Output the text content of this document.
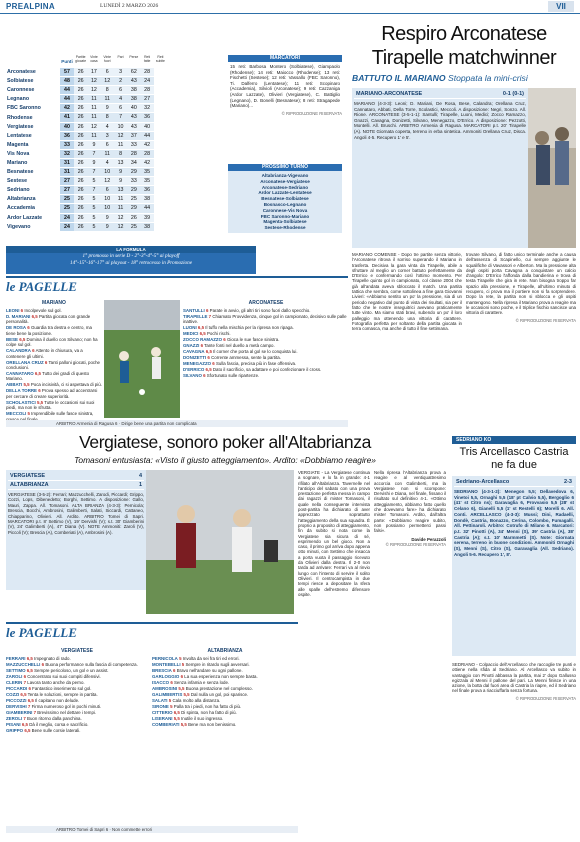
PREALPINA	LUNEDÌ 2 MARZO 2026	VII
Punti
Partite giocate
Vinte casa
Vinte fuori
Pari	Perse	Reti fatte
Reti subite
Arconatese	57	26	17	6	3	62	28
Solbiatese	48	26	12	12	2	43	24
Caronnese	44	26	12	8	6	38	28
Legnano	44	26	11	11	4	38	27
FBC Saronno	42	26	11	9	6	40	32
Rhodense	41	26	11	8	7	43	36
Vergiatese	40	26	12	4	10	43	40
Lentatese	36	26	11	3	12	37	44
Magenta	33	26	9	6	11	33	42
Vis Nova	32	26	7	11	8	28	28
Mariano	31	26	9	4	13	34	42
Besnatese	31	26	7	10	9	29	35
Sestese	27	26	5	12	9	33	35
Sedriano	27	26	7	6	13	29	36
Altabrianza	25	26	5	10	11	25	38
Accademia	25	26	5	10	11	29	44
Ardor Lazzate	24	26	5	9	12	26	39
Vigevano	24	26	5	9	12	25	38
LA FORMULA
1° promosso in serie D - 2°-3°-4°-5° ai playoff
14°-15°-16°-17° ai playout - 18° retrocesso in Promozione
MARCATORI
15 reti: Barbosa Montero (Solbiatese), Giampaolo (Rhodense); 14 reti: Maiocco (Rhodense); 13 reti: Fischetti (Sestese); 12 reti: Vassallo (FBC Saronno), Ti. Dalferro (Lentatese); 11 reti: Scopinaro (Accademia), Silvioli (Arconatese); 9 reti: Cazzaniga (Ardor Lazzate), Olivieri (Vergiatese), C. Battiglio (Legnano), D. Bonelli (Besnatese); 8 reti: Stragapede (Mariano)...
© RIPRODUZIONE RISERVATA
PROSSIMO TURNO
Altabrianza-Vigevano
Arconatese-Vergiatese
Arconatese-Sedriano
Ardor Lazzate-Lentatese
Besnatese-Solbiatese
Bosnasco-Legnano
Caronnese-Vis Nova
FBC Saronno-Mariano
Magenta-Solbiatese
Sestese-Rhodense
Respiro Arconatese Tirapelle matchwinner
BATTUTO IL MARIANO Stoppata la mini-crisi
MARIANO-ARCONATESE	0-1 (0-1)
MARIANO (4-3-3): Leoni; D. Mariani, De Rosa, Bese, Calandra; Orellana Cruz, Cannataro, Abbati, Della Torre, Scolastici, Meccoli. A disposizione: Negri, Sonzo. All. Rione. ARCONATESE (3-5-1-1): Santulli; Tirapelle, Luoni, Medici; Zocco Ramazzo, Gnazzi, Cavagna, Donizetti, Silvano, Menegazzo, D'Errico. A disposizione: Pezzotti, Montelli. All. Bruschi. ARBITRO Armenia di Ragusa. MARCATORI p.t. 20' Tirapelle (A). NOTE Giornata coperta, terreno in erba sintetica. Ammoniti Orellana Cruz, Disca. Angoli 4-5. Recupero 1' e 5'.
MARIANO COMENSE - Dopo tre partite senza vittorie, l'Arconatese ritrova il sorriso superando il Mariano in trasferta. Decisiva la gara vinta da Tirapelle, abile a sfruttare al meglio un corner battuto perfettamente da D'Errico e confermando così l'ottimo momento. Per Tirapelle quinto gol in campionato, col classe 2004 che già all'andata aveva sbloccato il match. Una partita tattica che sembra, come sottolinea a fine gara Giovanni Livieri: «Abbiamo sentito un po' la pressione, sia di un periodo negativo dal punto di vista dei risultati, sia per il fatto che le nostre inseguitrici avevano praticamente tutte vinto. Ma siamo stati bravi, subendo un po' il loro palleggio ma ottenendo una vittoria di carattere. Fotografia perfetta per soltanto della partita giocata in terra comasca, ma anche di tutto il fine settimana.
trovare Silvano, di fatto unico terminale anche a causa dell'assenza di Scapinello, cui sempre aggiunte le squalifiche di Vavassori e Alberton. Ma la pressione alta degli ospiti porta Cavagna a conquistare un calcio d'angolo: D'Errico l'affonda dalla bandierina e trova di testa Tirapelle che gira in rete. Non bisogna troppo far spazio alla pressione, e Tirapelle, all'ultimo minuto di recupero, ci prova ma il portiere non si fa sorprendere. Dopo la rete, la partita non si sblocca e gli ospiti mantengono. Nella ripresa il Mariano prova a reagire ma le occasioni sono poche, e il triplice fischio sancisce una vittoria di carattere.
© RIPRODUZIONE RISERVATA
le PAGELLE
MARIANO
LEONI 6 Incolpevole sul gol.
D. MARIANI 6,5 Partita giocata con grande personalità.
DE ROSA 6 Guardia tra destra e centro, ma tiene bene la posizione.
BESE 6,5 Domina il duello con Silvano; non ha colpe sul gol.
CALANDRA 6 Attento in chiusura, va a contenere gli ultimi.
ORELLANA CRUZ 6 Tanti palloni giocati, poche conclusioni.
CANNATARO 6,5 Tutto dei gradi di questo Mariano.
ABBATI 5,5 Poca incisività, ci si aspettava di più.
DELLA TORRE 6 Prova spesso ad accentrarsi per cercare di creare superiorità.
SCHOLASTICI 5,5 Tutte le occasioni sui suoi piedi, ma non le sfrutta.
MECCOLI 5 Imprendibile sulle fasce sinistra,
ARCONATESE
SANTULLI 6 Parate in avvio, gli altri tiri sono fuori dallo specchio.
TIRAPELLE 7 Chiamato Provvidenza, cinque gol in campionato, decisivo sulle palle inattive.
LUONI 6,5 Il tuffo nella mischia per la ripresa non ripaga.
MEDICI 6,5 Pochi rischi.
ZOCCO RAMAZZO 6 Gioca le sue fasce sinistra.
GNAZZI 6 Tante fonti nel duello a metà campo.
CAVAGNA 6,5 Il corner che porta al gol se lo conquista lui.
DONIZETTI 6 Corrente ammessa, sente la partita.
MENEGAZZO 6 Sulla fascia, precisa più in fase offensiva.
D'ERRICO 6,5 Dato il sacrificio, sa adattare e poi confezionare il cross.
SILVANO 6 Sfortunato sulle ripartenze.
ARBITRO Armenia di Ragusa 6 · Dirige bene una partita non complicata
Vergiatese, sonoro poker all'Altabrianza
Tomasoni entusiasta: «Visto il giusto atteggiamento». Ardito: «Dobbiamo reagire»
VERGIATESE	4
ALTABRIANZA	1
VERGIATESE (3-5-2): Ferrari; Mazzucchelli, Zarodi, Piccardi; Grippo, Cozzi, Lops, Dibenedetto; Borghi, Settimo. A disposizione: Gallo, Mauri, Zappa. All. Tomasoni. ALTA BRIANZA (4-3-3): Pernicola; Brescia, Bocchi, Ambrosini, Galimberti, Salati, Siccardi, Cattaneo, Chiapparino, Olivieri. All. Ardito. ARBITRO Tomei di Sapri. MARCATORI p.t. 8' Settimo (V), 19' Dervishi (V); s.t. 30' Giamberini (V), 24' Galimberti (A), 47' Diana (V). NOTE Ammoniti: Zaroli (V), Piccoli (V); Brescia (A), Comberiati (A), Ambrosini (A).
VERGIATE - La Vergiatese continua a sognare, e lo fa in grande: 4-1 rifilato all'Altabrianza. Tavernelle nel l'anticipo del sabato con una prova prestazione perfetta messa in campo dai ragazzi di mister Tomasoni, il quale nella conseguente intervista post-partita ha dichiarato di aver apprezzato soprattutto l'atteggiamento della sua squadra. È proprio a proposito di atteggiamento, fin da subito si nota come la Vergiatese sia sicura di sé, esprimendo un bel gioco. Non a caso, il primo gol arriva dopo appena otto minuti, con Settimo che insacca a porta vuota il passaggio ricevuto da Olivieri dalla destra. Il 2-0 non tarda ad arrivare: Ferrari va al rinvio lungo con l'intento di servire il solito Olivieri. Il centrocampista in due tempi riesce a depositare la sfera alle spalle dell'estremo difensore ospite.
Nella ripresa l'Altabrianza prova a reagire e al ventiquattresimo accorcia con Galimberti, ma la Vergiatese non si scompone: Dervishi e Diana, nel finale, fissano il risultato sul definitivo 4-1. «Ottimo atteggiamento, abbiamo fatto quello che dovevamo fare» ha dichiarato mister Tomasoni. Ardito, dall'altra parte: «Dobbiamo reagire subito, non possiamo permetterci passi falsi».
Davide Perazzoli
© RIPRODUZIONE RISERVATA
le PAGELLE
VERGIATESE
FERRARI 6,5 Impegnato di rado.
MAZZUCCHELLI 6 Buona performance sulla fascia di competenza.
SETTIMO 6,5 Sempre pericoloso, un gol e un assist.
ZAROLI 6 Concentrato sui suoi compiti difensivi.
CLERIN 7 Lavora tanto anche da perno.
PICCARDI 6 Fantastico inserimento sul gol.
COZZI 6,5 Tenta le soluzioni, sempre in partita.
PICCOZZI 6,5 Il capitano non delude.
DERVISHI 7 Firma numeroso gol in pochi minuti.
GIAMBERINI 7 Brevissimo nel dettare i tempi.
ZEROLI 7 Buon ritorno dalla panchina.
PISANI 6,5 Dà il meglio, corsa e sacrificio.
GRIPPO 6,5 Bene sulle corsie laterali.
ALTABRIANZA
PERNICOLA 5 Involta da sei fra tiri ed errori.
MONTEBELLI 5 Sempre in ritardo sugli avversari.
BRESCIA 6 Bravo nell'andare su ogni pallone.
GARLOGGIO 6 La sua esperienza non sempre basta.
ISACCO 6 Senza infamia e senza lode.
AMBROSINI 5,5 Buona prestazione nel complesso.
GALIMBERTIS 5,5 Dal nulla un gol, poi sparisce.
SALATI 5 Cala molto alla distanza.
SIRONE 5 Palla tra i piedi, non ha fatto di più.
CITTERIO 6,5 Di spinta, non ha fatto di più.
LISERANI 5,5 Inutile il suo ingresso.
COMBERIATI 5,5 Bene ma non benissimo.
ARBITRO Tomei di Sapri 6 · Non commette errori
SEDRIANO KO
Tris Arcellasco Castria ne fa due
Sedriano-Arcellasco	2-3
SEDRIANO (4-3-1-2): Menegon 5,5; Dellavedova 6, Vinetoi 5,5, Ornaghi 5,5 (18' pt Calvio 5,5), Bergoglio 6 (41' st Citro ns); Garavaglia 6, Provvasio 5,5 (28' st Celano 6), Gianelli 5,5 (1' st Restelli 6); Morelli 6. All. Conti. ARCELLASCO (4-3-3): Mussi; Dini, Radaelli, Dondè, Castria, Bonazzo, Cerina, Colombo, Fumagalli. All. Pettinaroli. Arbitro: Cotrufo di Milano 6. Marcatori: p.t. 32' Pinotti (A), 34' Menni (S), 39' Castria (A), 38' Castria (A); s.t. 10' Marmmetti (S). Note: Giornata serena, terreno in buone condizioni. Ammoniti Ornaghi (S), Menni (S), Citro (S), Garavaglia (All. Sedriano). Angoli 5-6. Recupero 1', 8'.
SEDRIANO - Colpaccio dell'Arcellasco che raccoglie tre punti e ottiene nella sfida al Sedriano. Al Arcellasco va subito in vantaggio con Pinotti abbassa la partita, mai 2' dopo Gallusso egizzala al Menni il pallone del pari. La Menni finisce in una azione, la botta dal fuori area di Castria la riapre, ed il Sedriano nel finale prova a riacciuffarla senza fortuna.
© RIPRODUZIONE RISERVATA
